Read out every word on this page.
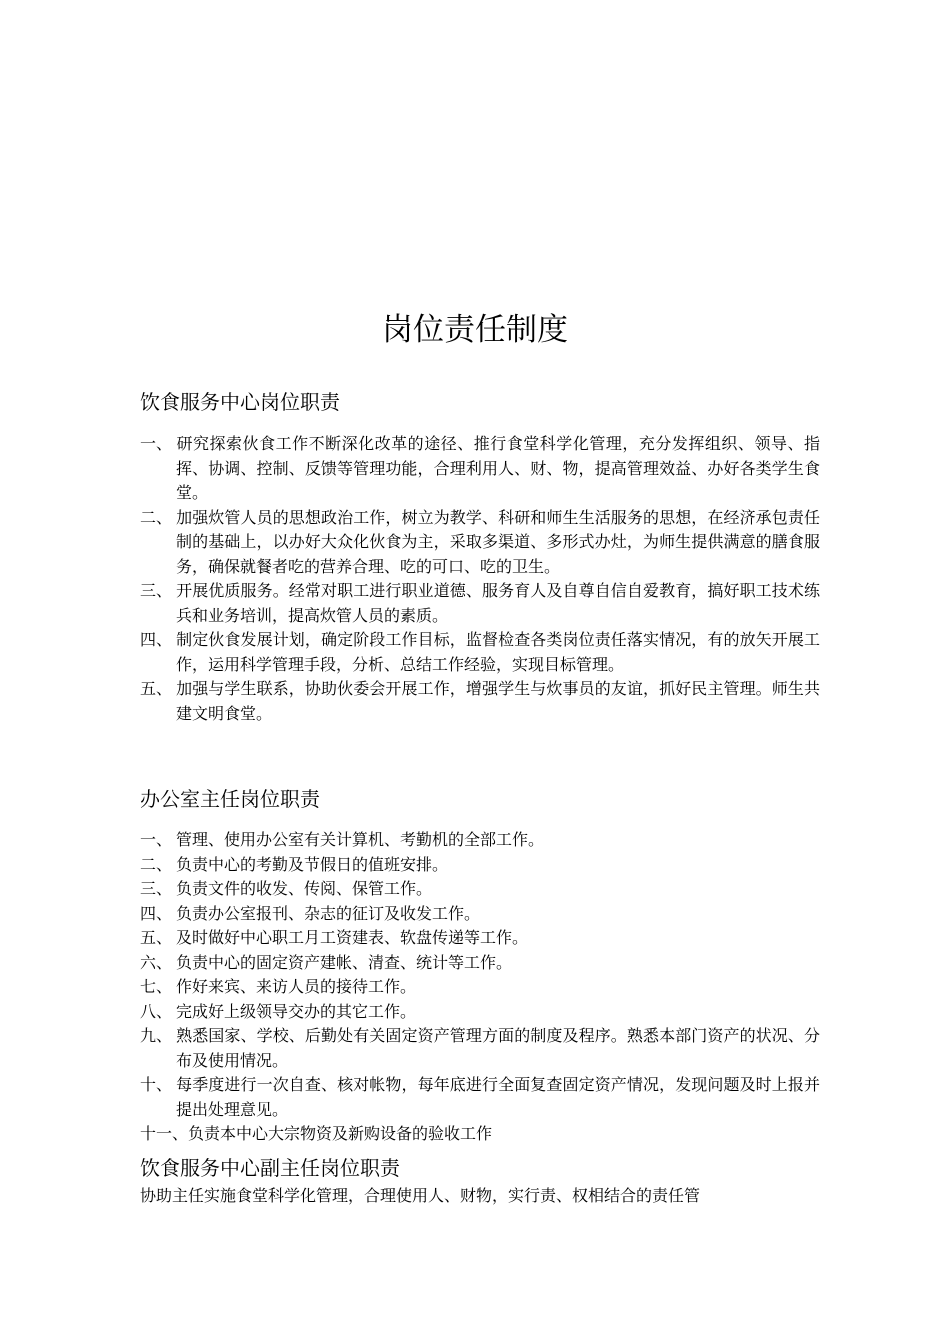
岗位责任制度
饮食服务中心岗位职责
一、 研究探索伙食工作不断深化改革的途径、推行食堂科学化管理，充分发挥组织、领导、指挥、协调、控制、反馈等管理功能，合理利用人、财、物，提高管理效益、办好各类学生食堂。
二、 加强炊管人员的思想政治工作，树立为教学、科研和师生生活服务的思想，在经济承包责任制的基础上，以办好大众化伙食为主，采取多渠道、多形式办灶，为师生提供满意的膳食服务，确保就餐者吃的营养合理、吃的可口、吃的卫生。
三、 开展优质服务。经常对职工进行职业道德、服务育人及自尊自信自爱教育，搞好职工技术练兵和业务培训，提高炊管人员的素质。
四、 制定伙食发展计划，确定阶段工作目标，监督检查各类岗位责任落实情况，有的放矢开展工作，运用科学管理手段，分析、总结工作经验，实现目标管理。
五、 加强与学生联系，协助伙委会开展工作，增强学生与炊事员的友谊，抓好民主管理。师生共建文明食堂。
办公室主任岗位职责
一、 管理、使用办公室有关计算机、考勤机的全部工作。
二、 负责中心的考勤及节假日的值班安排。
三、 负责文件的收发、传阅、保管工作。
四、 负责办公室报刊、杂志的征订及收发工作。
五、 及时做好中心职工月工资建表、软盘传递等工作。
六、 负责中心的固定资产建帐、清查、统计等工作。
七、 作好来宾、来访人员的接待工作。
八、 完成好上级领导交办的其它工作。
九、 熟悉国家、学校、后勤处有关固定资产管理方面的制度及程序。熟悉本部门资产的状况、分布及使用情况。
十、 每季度进行一次自查、核对帐物，每年底进行全面复查固定资产情况，发现问题及时上报并提出处理意见。
十一、负责本中心大宗物资及新购设备的验收工作
饮食服务中心副主任岗位职责

协助主任实施食堂科学化管理，合理使用人、财物，实行责、权相结合的责任管
